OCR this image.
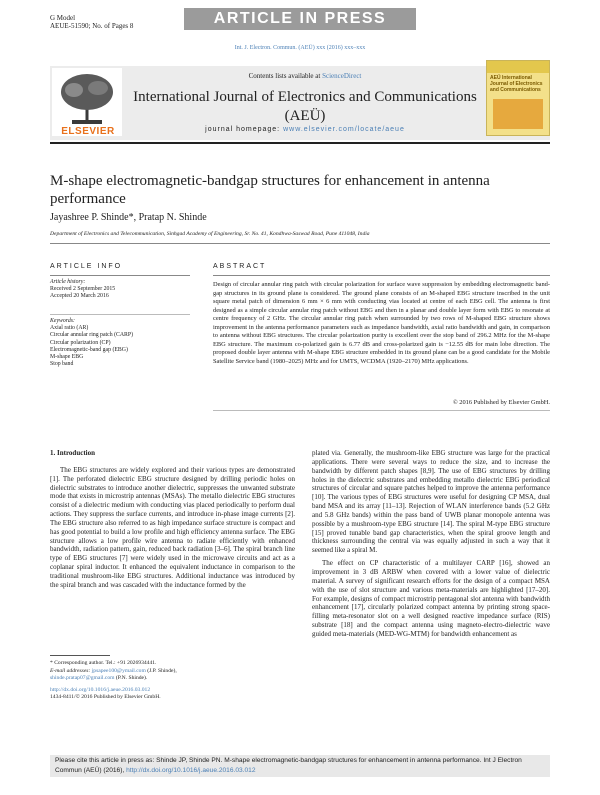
G Model
AEUE-51590; No. of Pages 8	ARTICLE IN PRESS
Int. J. Electron. Commun. (AEÜ) xxx (2016) xxx–xxx
ELSEVIER
Contents lists available at ScienceDirect
International Journal of Electronics and Communications (AEÜ)
journal homepage: www.elsevier.com/locate/aeue
AEÜ International Journal of Electronics and Communications
M-shape electromagnetic-bandgap structures for enhancement in antenna performance
Jayashree P. Shinde*, Pratap N. Shinde
Department of Electronics and Telecommunication, Sinhgad Academy of Engineering, Sr. No. 41, Kondhwa-Saswad Road, Pune 411048, India
ARTICLE INFO
Article history:
Received 2 September 2015
Accepted 20 March 2016
Keywords:
Axial ratio (AR)
Circular annular ring patch (CARP)
Circular polarization (CP)
Electromagnetic-band gap (EBG)
M-shape EBG
Stop band
ABSTRACT
Design of circular annular ring patch with circular polarization for surface wave suppression by embedding electromagnetic band-gap structures in its ground plane is considered. The ground plane consists of an M-shaped EBG structure inscribed in the unit square metal patch of dimension 6 mm × 6 mm with conducting vias located at centre of each EBG cell. The antenna is first designed as a simple circular annular ring patch without EBG and then in a planar and double layer form with EBG to resonate at centre frequency of 2 GHz. The circular annular ring patch when surrounded by two rows of M-shaped EBG structure shows improvement in the antenna performance parameters such as impedance bandwidth, axial ratio bandwidth and gain, in comparison to antenna without EBG structures. The circular polarization purity is excellent over the stop band of 296.2 MHz for the M-shape EBG structure. The maximum co-polarized gain is 6.77 dB and cross-polarized gain is −12.55 dB for main lobe direction. The proposed double layer antenna with M-shape EBG structure embedded in its ground plane can be a good candidate for the Mobile Satellite Service band (1980–2025) MHz and for UMTS, WCDMA (1920–2170) MHz applications.
© 2016 Published by Elsevier GmbH.
1. Introduction

The EBG structures are widely explored and their various types are demonstrated [1]. The perforated dielectric EBG structure designed by drilling periodic holes on dielectric substrates to introduce another dielectric, suppresses the unwanted substrate mode that exists in microstrip antennas (MSAs). The metallo dielectric EBG structures consist of a dielectric medium with conducting vias placed periodically to perform dual actions. They suppress the surface currents, and introduce in-phase image currents [2]. The EBG structure also referred to as high impedance surface structure is compact and has good potential to build a low profile and high efficiency antenna surface. The EBG structure allows a low profile wire antenna to radiate efficiently with enhanced bandwidth, radiation pattern, gain, reduced back radiation [3–6]. The spiral branch line type of EBG structures [7] were widely used in the microwave circuits and act as a coplanar spiral inductor. It enhanced the equivalent inductance in comparison to the traditional mushroom-like EBG structures. Additional inductance was introduced by the spiral branch and was cascaded with the inductance formed by the

plated via. Generally, the mushroom-like EBG structure was large for the practical applications. There were several ways to reduce the size, and to increase the bandwidth by different patch shapes [8,9]. The use of EBG structures by drilling holes in the dielectric substrates and embedding metallo dielectric EBG periodical structures of circular and square patches helped to improve the antenna performance [10]. The various types of EBG structures were useful for designing CP MSA, dual band MSA and its array [11–13]. Rejection of WLAN interference bands (5.2 GHz and 5.8 GHz bands) within the pass band of UWB planar monopole antenna was possible by a mushroom-type EBG structure [14]. The spiral M-type EBG structure [15] proved tunable band gap characteristics, when the spiral groove length and thickness surrounding the central via was equally adjusted in such a way that it seemed like a spiral M.

The effect on CP characteristic of a multilayer CARP [16], showed an improvement in 3 dB ARBW when covered with a lower value of dielectric material. A survey of significant research efforts for the design of a compact MSA with the use of slot structure and various meta-materials are highlighted [17–20]. For example, designs of compact microstrip pentagonal slot antenna with bandwidth enhancement [17], circularly polarized compact antenna by printing strong space-filling meta-resonator slot on a well designed reactive impedance surface (RIS) substrate [18] and the compact antenna using magneto-electro-dielectric wave guided meta-materials (MED-WG-MTM) for bandwidth enhancement as

* Corresponding author. Tel.: +91 2026934441.
E-mail addresses: jpsapee100@ymail.com (J.P. Shinde),
shinde.pratap07@gmail.com (P.N. Shinde).
http://dx.doi.org/10.1016/j.aeue.2016.03.012
1434-8411/© 2016 Published by Elsevier GmbH.
Please cite this article in press as: Shinde JP, Shinde PN. M-shape electromagnetic-bandgap structures for enhancement in antenna performance. Int J Electron Commun (AEÜ) (2016), http://dx.doi.org/10.1016/j.aeue.2016.03.012
